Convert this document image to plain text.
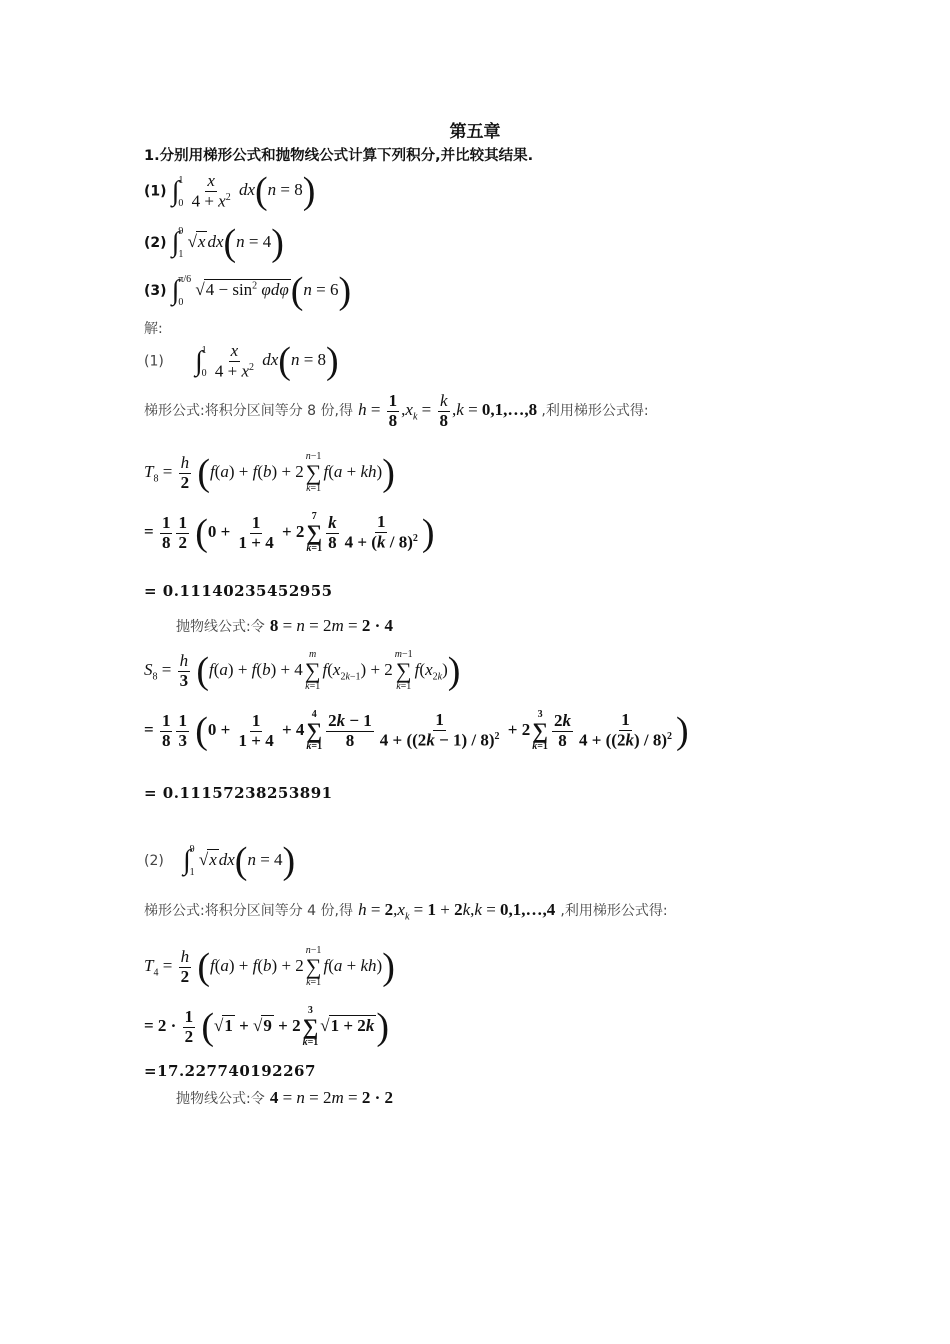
第五章
1.分别用梯形公式和抛物线公式计算下列积分,并比较其结果.
(1) ∫ 1
0
$\frac{x}{4 + x^2} dx(n = 8)$
(2) ∫ 9
1
√x dx(n = 4)
(3) ∫ π/6
0
$√4 - \sin^2 \varphi d\varphi(n = 6)$
解:
(1) ∫ 1
0
$\frac{x}{4 + x^2} dx(n = 8)$
梯形公式:将积分区间等分 8 份,得 $h = \frac{1}{8} ,x_k = \frac{k}{8} ,k$ = 0,1,…,8 ,利用梯形公式得:
$T_8 = \frac{h}{2} (f(a) + f(b) + 2$
n−1
∑
k=1
f(a + kh))
= $\frac{1}{8} \frac{1}{2} (0 + \frac{1}{1 + 4} + 2$
7
∑
$k=1 \frac{k}{8} \frac{1}{4 + (k / 8)^2}$ )
= 0.11140235452955
抛物线公式:令 8 = n = 2m = 2 · 4
$S_8 = \frac{h}{3} (f(a) + f(b) + 4$
m
∑
k=1
$f(x_{2k-1}) + 2$
m−1
∑
k=1
$f(x_{2k})$)
= $\frac{1}{8} \frac{1}{3} (0 + \frac{1}{1 + 4} + 4$
4
∑
$k=1 \frac{2k - 1}{8} \frac{1}{4 + ((2k - 1) / 8)^2} + 2$
3
∑
$k=1 \frac{2k}{8} \frac{1}{4 + ((2k) / 8)^2}$ )
= 0.11157238253891
(2) ∫ 9
1
√x dx(n = 4)
梯形公式:将积分区间等分 4 份,得 $h = 2,x_k = 1 + 2k,k$ = 0,1,…,4 ,利用梯形公式得:
$T_4 = \frac{h}{2} (f(a) + f(b) + 2$
n−1
∑
k=1
f(a + kh))
= $2 \cdot \frac{1}{2} (√1 + √9 + 2$
3
∑
k=1
√1 + 2k)
=17.227740192267
抛物线公式:令 4 = n = 2m = 2 · 2
